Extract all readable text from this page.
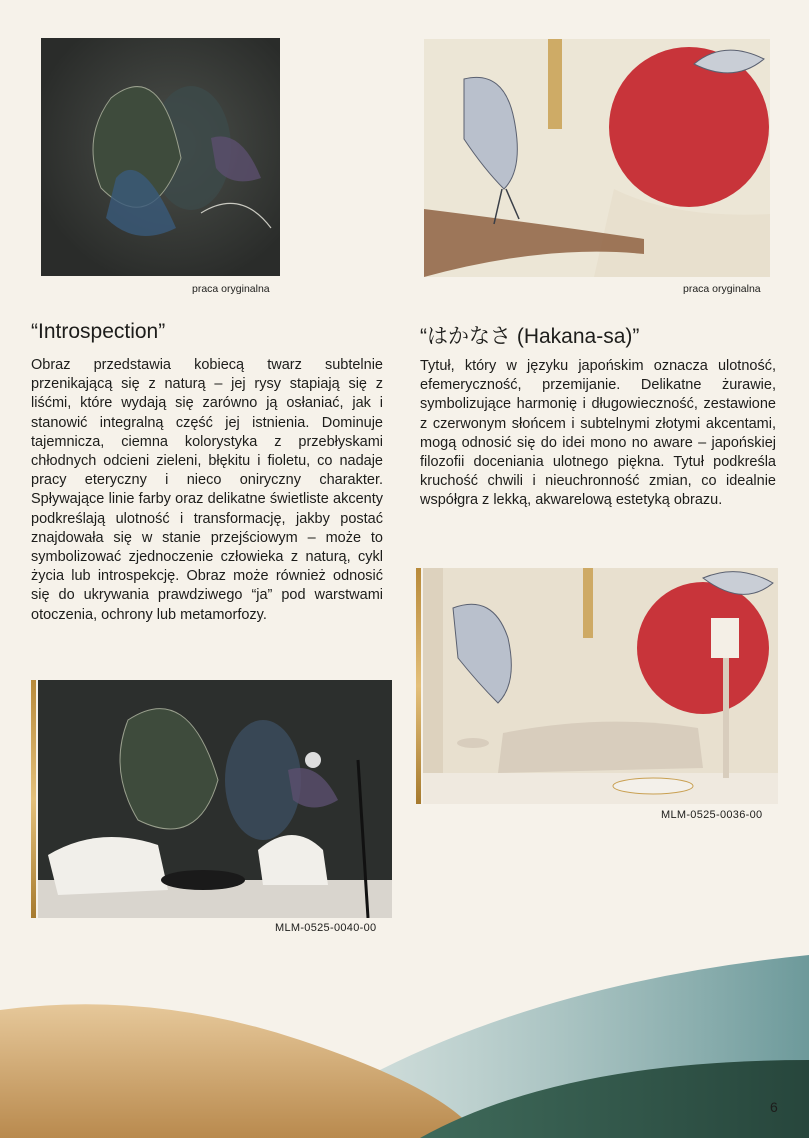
praca oryginalna	praca oryginalna
“Introspection”
Obraz przedstawia kobiecą twarz subtelnie przenikającą się z naturą – jej rysy stapiają się z liśćmi, które wydają się zarówno ją osłaniać, jak i stanowić integralną część jej istnienia. Dominuje tajemnicza, ciemna kolorystyka z przebłyskami chłodnych odcieni zieleni, błękitu i fioletu, co nadaje pracy eteryczny i nieco oniryczny charakter. Spływające linie farby oraz delikatne świetliste akcenty podkreślają ulotność i transformację, jakby postać znajdowała się w stanie przejściowym – może to symbolizować zjednoczenie człowieka z naturą, cykl życia lub introspekcję. Obraz może również odnosić się do ukrywania prawdziwego “ja” pod warstwami otoczenia, ochrony lub metamorfozy.
“はかなさ (Hakana-sa)”
Tytuł, który w języku japońskim oznacza ulotność, efemeryczność, przemijanie. Delikatne żurawie, symbolizujące harmonię i długowieczność, zestawione z czerwonym słońcem i subtelnymi złotymi akcentami, mogą odnosić się do idei mono no aware – japońskiej filozofii doceniania ulotnego piękna. Tytuł podkreśla kruchość chwili i nieuchronność zmian, co idealnie współgra z lekką, akwarelową estetyką obrazu.
MLM-0525-0040-00
MLM-0525-0036-00
6
